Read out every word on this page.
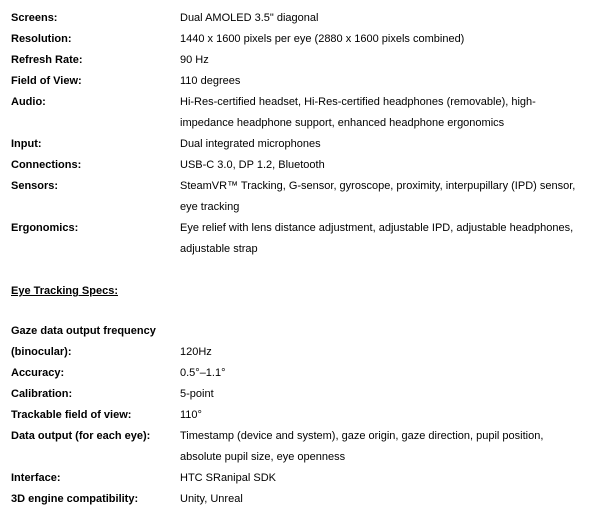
Screens:	Dual AMOLED 3.5" diagonal
Resolution:	1440 x 1600 pixels per eye (2880 x 1600 pixels combined)
Refresh Rate:	90 Hz
Field of View:	110 degrees
Audio:	Hi-Res-certified headset, Hi-Res-certified headphones (removable), high-impedance headphone support, enhanced headphone ergonomics
Input:	Dual integrated microphones
Connections:	USB-C 3.0, DP 1.2, Bluetooth
Sensors:	SteamVR™ Tracking, G-sensor, gyroscope, proximity, interpupillary (IPD) sensor, eye tracking
Ergonomics:	Eye relief with lens distance adjustment, adjustable IPD, adjustable headphones, adjustable strap
Eye Tracking Specs:
Gaze data output frequency
(binocular):	120Hz
Accuracy:	0.5°–1.1°
Calibration:	5-point
Trackable field of view:	110°
Data output (for each eye):	Timestamp (device and system), gaze origin, gaze direction, pupil position, absolute pupil size, eye openness
Interface:	HTC SRanipal SDK
3D engine compatibility:	Unity, Unreal
